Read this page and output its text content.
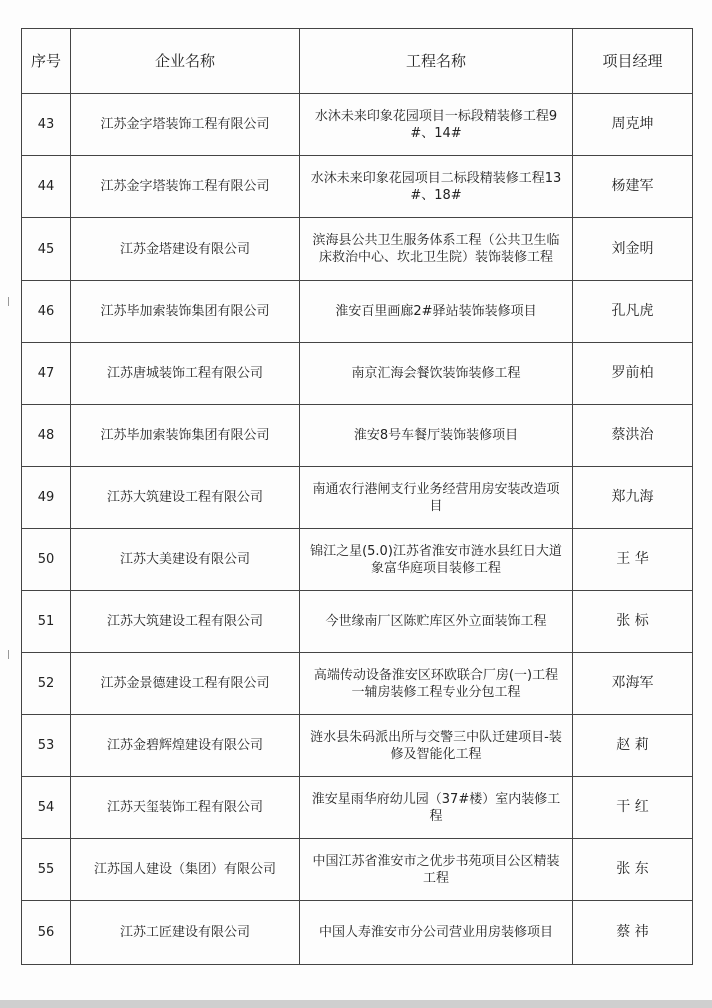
序号	企业名称	工程名称	项目经理
43	江苏金字塔装饰工程有限公司	水沐未来印象花园项目一标段精装修工程9#、14#	周克坤
44	江苏金字塔装饰工程有限公司	水沐未来印象花园项目二标段精装修工程13#、18#	杨建军
45	江苏金塔建设有限公司	滨海县公共卫生服务体系工程（公共卫生临床救治中心、坎北卫生院）装饰装修工程	刘金明
46	江苏毕加索装饰集团有限公司	淮安百里画廊2#驿站装饰装修项目	孔凡虎
47	江苏唐城装饰工程有限公司	南京汇海会餐饮装饰装修工程	罗前柏
48	江苏毕加索装饰集团有限公司	淮安8号车餐厅装饰装修项目	蔡洪治
49	江苏大筑建设工程有限公司	南通农行港闸支行业务经营用房安装改造项目	郑九海
50	江苏大美建设有限公司	锦江之星(5.0)江苏省淮安市涟水县红日大道象富华庭项目装修工程	王 华
51	江苏大筑建设工程有限公司	今世缘南厂区陈贮库区外立面装饰工程	张 标
52	江苏金景德建设工程有限公司	高端传动设备淮安区环欧联合厂房(一)工程一辅房装修工程专业分包工程	邓海军
53	江苏金碧辉煌建设有限公司	涟水县朱码派出所与交警三中队迁建项目-装修及智能化工程	赵 莉
54	江苏天玺装饰工程有限公司	淮安星雨华府幼儿园（37#楼）室内装修工程	干 红
55	江苏国人建设（集团）有限公司	中国江苏省淮安市之优步书苑项目公区精装工程	张 东
56	江苏工匠建设有限公司	中国人寿淮安市分公司营业用房装修项目	蔡 祎
